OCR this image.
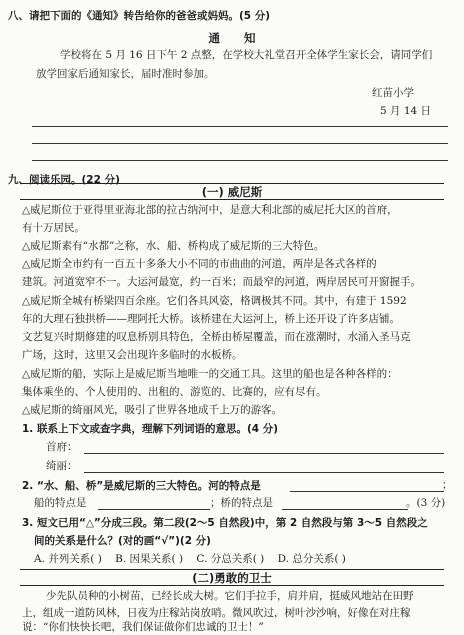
八、请把下面的《通知》转告给你的爸爸或妈妈。(5 分)
通      知
学校将在 5 月 16 日下午 2 点整，在学校大礼堂召开全体学生家长会，请同学们
放学回家后通知家长，届时准时参加。
红苗小学
5 月 14 日
九、阅读乐园。(22 分)
(一) 威尼斯
△威尼斯位于亚得里亚海北部的拉古纳河中，是意大利北部的威尼托大区的首府，
有十万居民。
△威尼斯素有“水都”之称，水、船、桥构成了威尼斯的三大特色。
△威尼斯全市约有一百五十多条大小不同的市曲曲的河道，两岸是各式各样的
建筑。河道宽窄不一。大运河最宽，约一百米；而最窄的河道，两岸居民可开窗握手。
△威尼斯全城有桥梁四百余座。它们各具风姿，格调极其不同。其中，有建于 1592
年的大理石独拱桥——理阿托大桥。该桥建在大运河上，桥上还开设了许多店铺。
文艺复兴时期修建的叹息桥别具特色，全桥由桥屋覆盖，而在涨潮时，水涌入圣马克
广场，这时，这里又会出现许多临时的水板桥。
△威尼斯的船，实际上是威尼斯当地唯一的交通工具。这里的船也是各种各样的：
集体乘坐的、个人使用的、出租的、游览的、比赛的，应有尽有。
△威尼斯的绮丽风光，吸引了世界各地成千上万的游客。
1. 联系上下文或查字典，理解下列词语的意思。(4 分)
首府：
绮丽：
2. “水、船、桥”是威尼斯的三大特色。河的特点是	；
船的特点是	；桥的特点是	。(3 分)
3. 短文已用“△”分成三段。第二段(2～5 自然段)中，第 2 自然段与第 3～5 自然段之
间的关系是什么？(对的画“√”)(2 分)
A. 并列关系( ) B. 因果关系( ) C. 分总关系( ) D. 总分关系( )
(二)勇敢的卫士
少先队员种的小树苗，已经长成大树。它们手拉手，肩并肩，挺威风地站在田野
上，组成一道防风林，日夜为庄稼站岗放哨。微风吹过，树叶沙沙响，好像在对庄稼
说：“你们快快长吧，我们保证做你们忠诚的卫士！”
